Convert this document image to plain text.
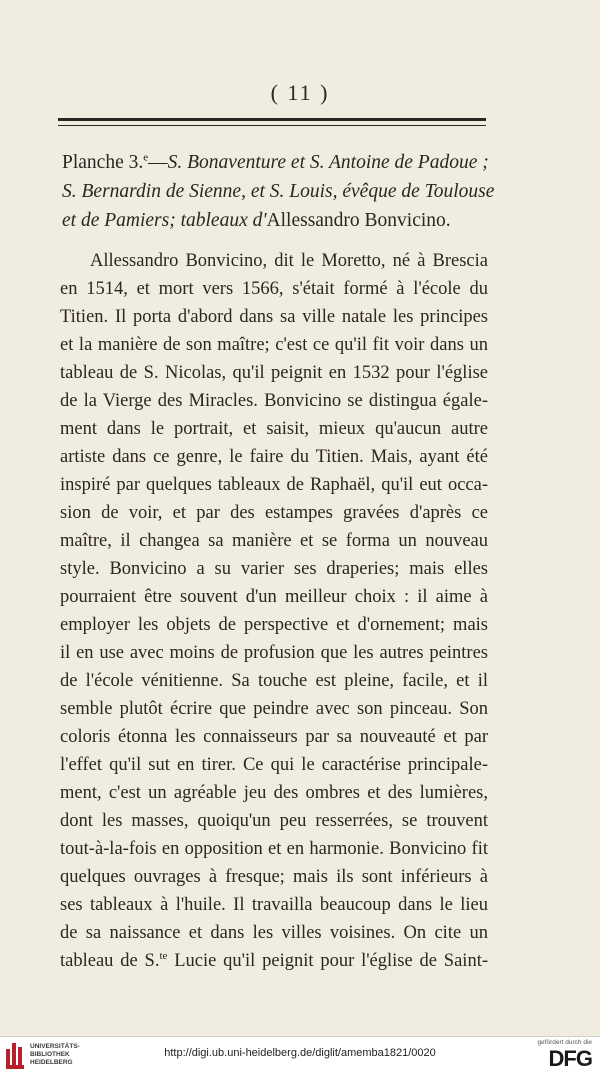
( 11 )
Planche 3.$^e$—S. Bonaventure et S. Antoine de Padoue ;
S. Bernardin de Sienne, et S. Louis, évêque de Toulouse
et de Pamiers; tableaux d'Allessandro Bonvicino.
Allessandro Bonvicino, dit le Moretto, né à Brescia
en 1514, et mort vers 1566, s'était formé à l'école du
Titien. Il porta d'abord dans sa ville natale les principes
et la manière de son maître; c'est ce qu'il fit voir dans un
tableau de S. Nicolas, qu'il peignit en 1532 pour l'église
de la Vierge des Miracles. Bonvicino se distingua égale-
ment dans le portrait, et saisit, mieux qu'aucun autre
artiste dans ce genre, le faire du Titien. Mais, ayant été
inspiré par quelques tableaux de Raphaël, qu'il eut occa-
sion de voir, et par des estampes gravées d'après ce
maître, il changea sa manière et se forma un nouveau
style. Bonvicino a su varier ses draperies; mais elles
pourraient être souvent d'un meilleur choix : il aime à
employer les objets de perspective et d'ornement; mais
il en use avec moins de profusion que les autres peintres
de l'école vénitienne. Sa touche est pleine, facile, et il
semble plutôt écrire que peindre avec son pinceau. Son
coloris étonna les connaisseurs par sa nouveauté et par
l'effet qu'il sut en tirer. Ce qui le caractérise principale-
ment, c'est un agréable jeu des ombres et des lumières,
dont les masses, quoiqu'un peu resserrées, se trouvent
tout-à-la-fois en opposition et en harmonie. Bonvicino fit
quelques ouvrages à fresque; mais ils sont inférieurs à
ses tableaux à l'huile. Il travailla beaucoup dans le lieu
de sa naissance et dans les villes voisines. On cite un
tableau de S.$^{te}$ Lucie qu'il peignit pour l'église de Saint-
UNIVERSITÄTS-
BIBLIOTHEK
HEIDELBERG
http://digi.ub.uni-heidelberg.de/diglit/amemba1821/0020
gefördert durch die
DFG
